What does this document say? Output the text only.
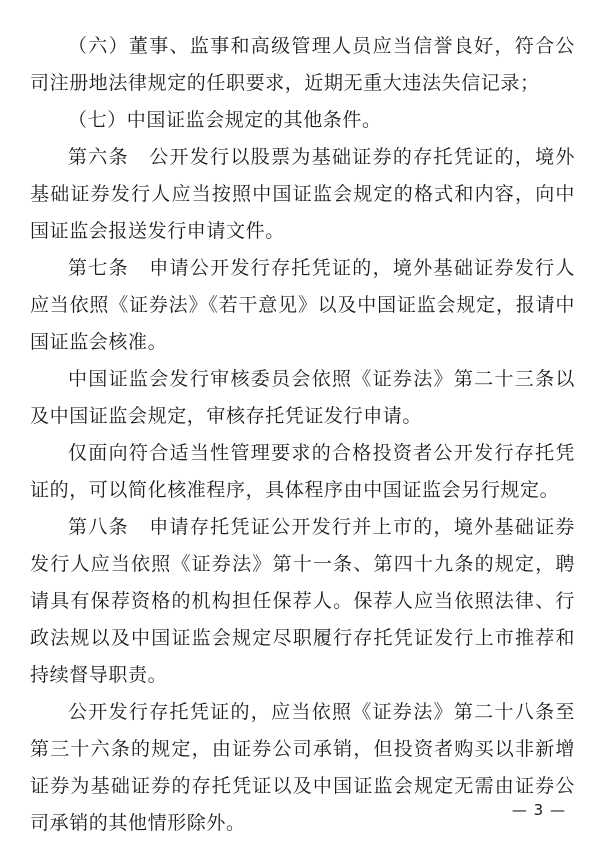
（六）董事、监事和高级管理人员应当信誉良好，符合公司注册地法律规定的任职要求，近期无重大违法失信记录；

（七）中国证监会规定的其他条件。

第六条　公开发行以股票为基础证券的存托凭证的，境外基础证券发行人应当按照中国证监会规定的格式和内容，向中国证监会报送发行申请文件。

第七条　申请公开发行存托凭证的，境外基础证券发行人应当依照《证券法》《若干意见》以及中国证监会规定，报请中国证监会核准。

中国证监会发行审核委员会依照《证券法》第二十三条以及中国证监会规定，审核存托凭证发行申请。

仅面向符合适当性管理要求的合格投资者公开发行存托凭证的，可以简化核准程序，具体程序由中国证监会另行规定。

第八条　申请存托凭证公开发行并上市的，境外基础证券发行人应当依照《证券法》第十一条、第四十九条的规定，聘请具有保荐资格的机构担任保荐人。保荐人应当依照法律、行政法规以及中国证监会规定尽职履行存托凭证发行上市推荐和持续督导职责。

公开发行存托凭证的，应当依照《证券法》第二十八条至第三十六条的规定，由证券公司承销，但投资者购买以非新增证券为基础证券的存托凭证以及中国证监会规定无需由证券公司承销的其他情形除外。

— 3 —
